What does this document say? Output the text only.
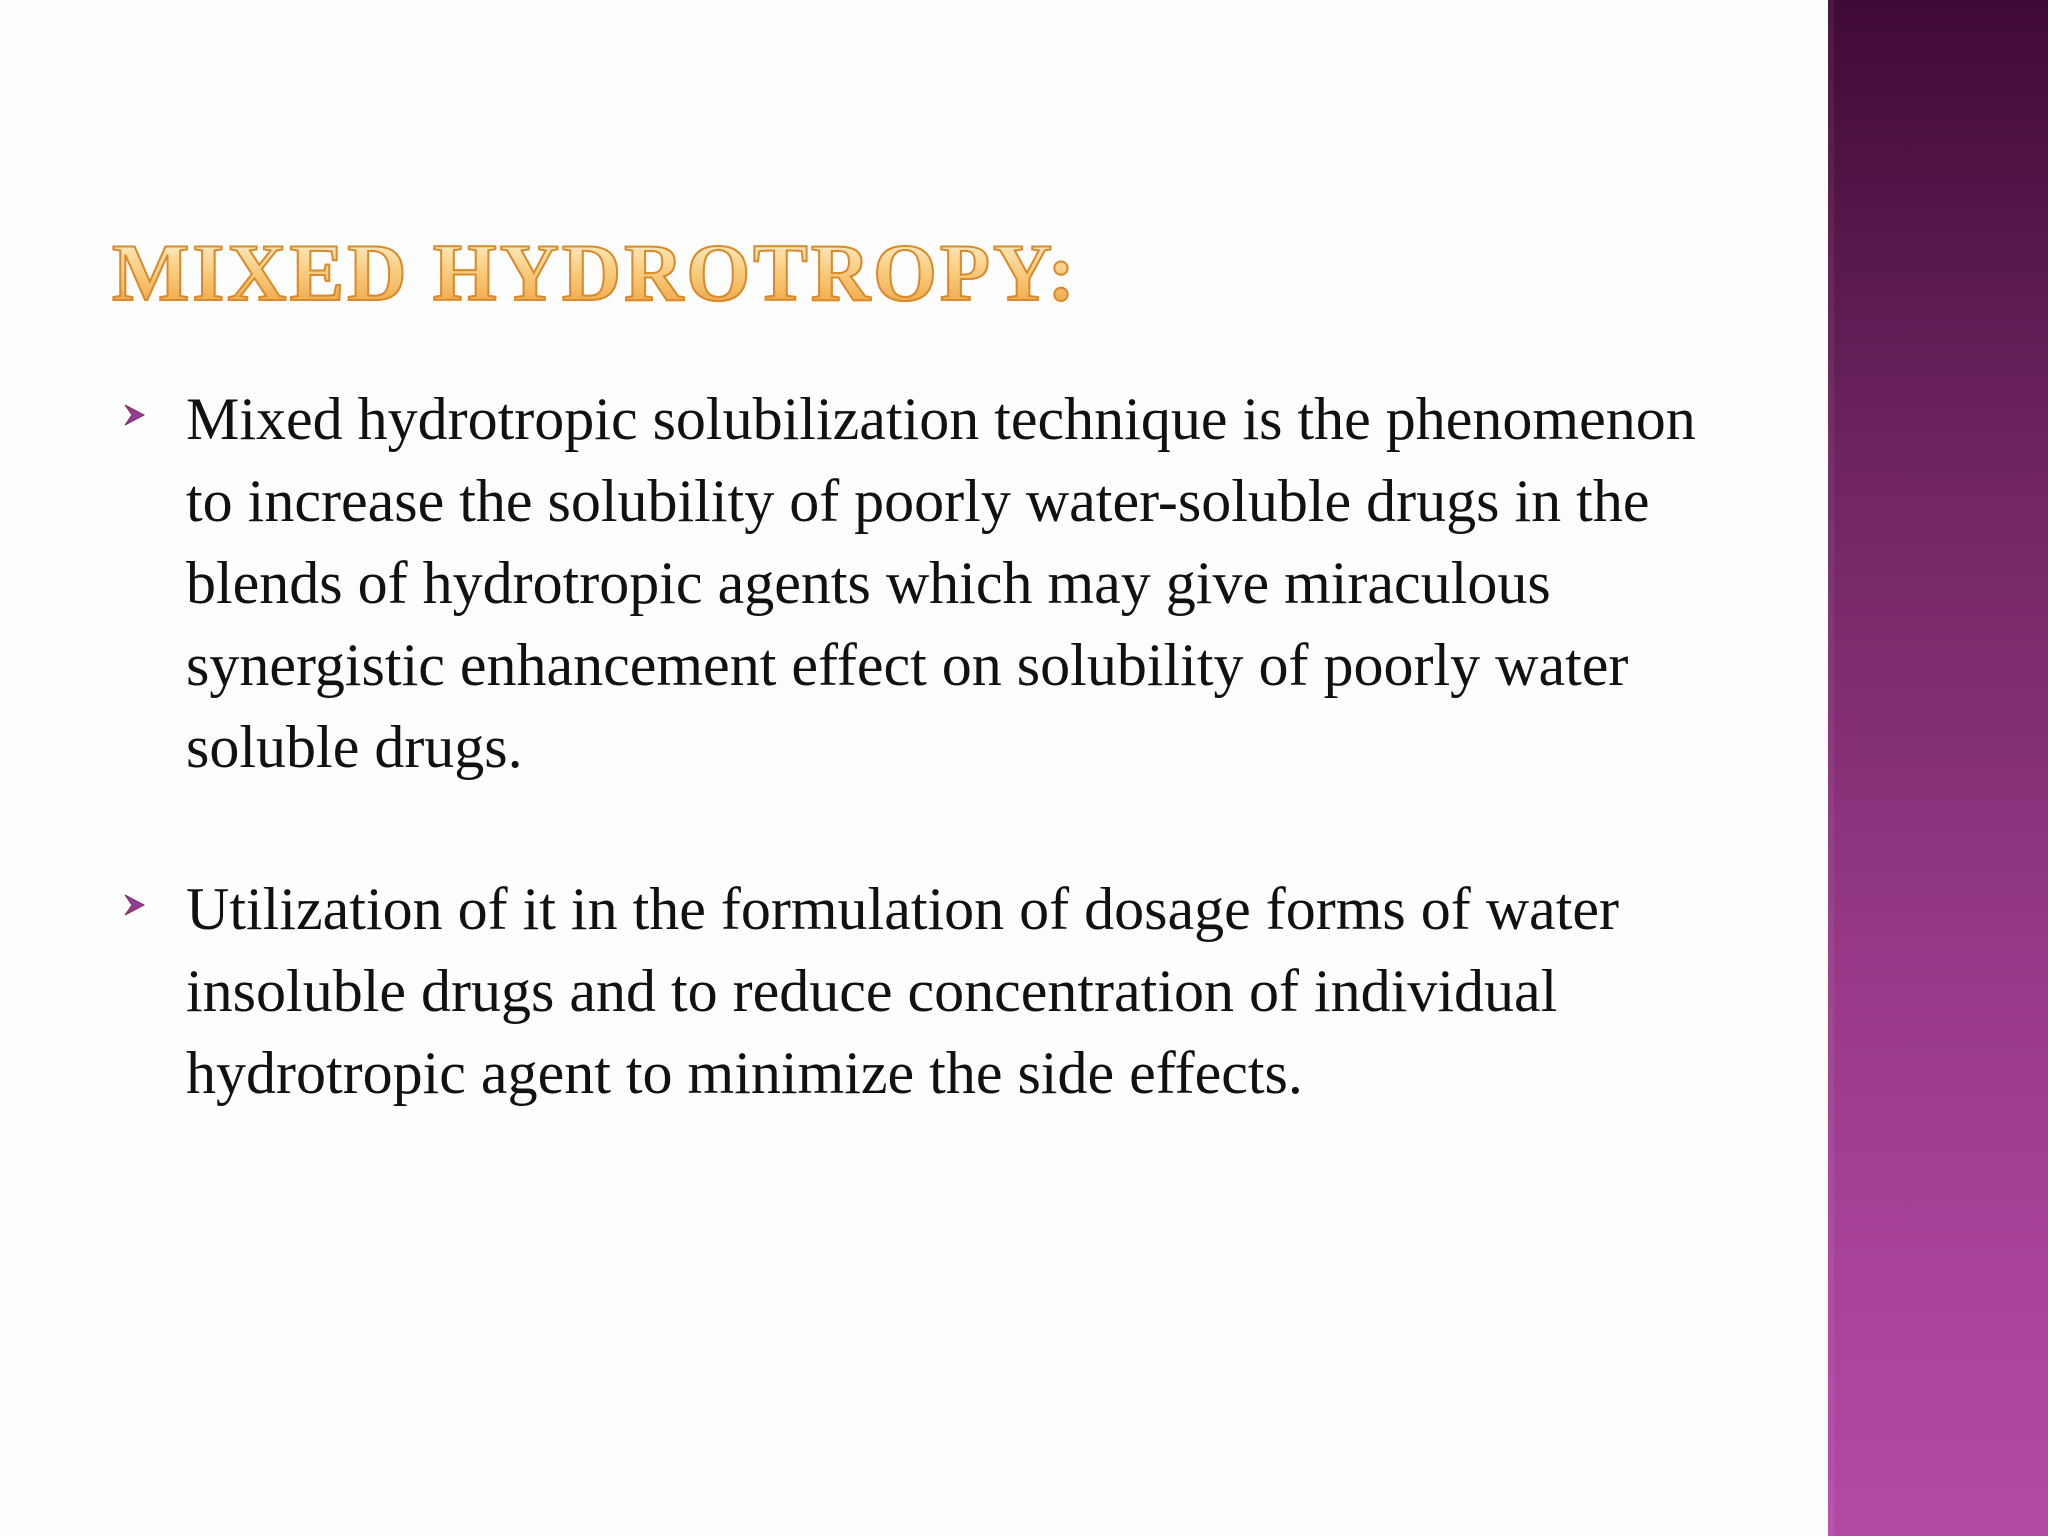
MIXED HYDROTROPY:
Mixed hydrotropic solubilization technique is the phenomenon to increase the solubility of poorly water-soluble drugs in the blends of hydrotropic agents which may give miraculous synergistic enhancement effect on solubility of poorly water soluble drugs.
Utilization of it in the formulation of dosage forms of water insoluble drugs and to reduce concentration of individual hydrotropic agent to minimize the side effects.
